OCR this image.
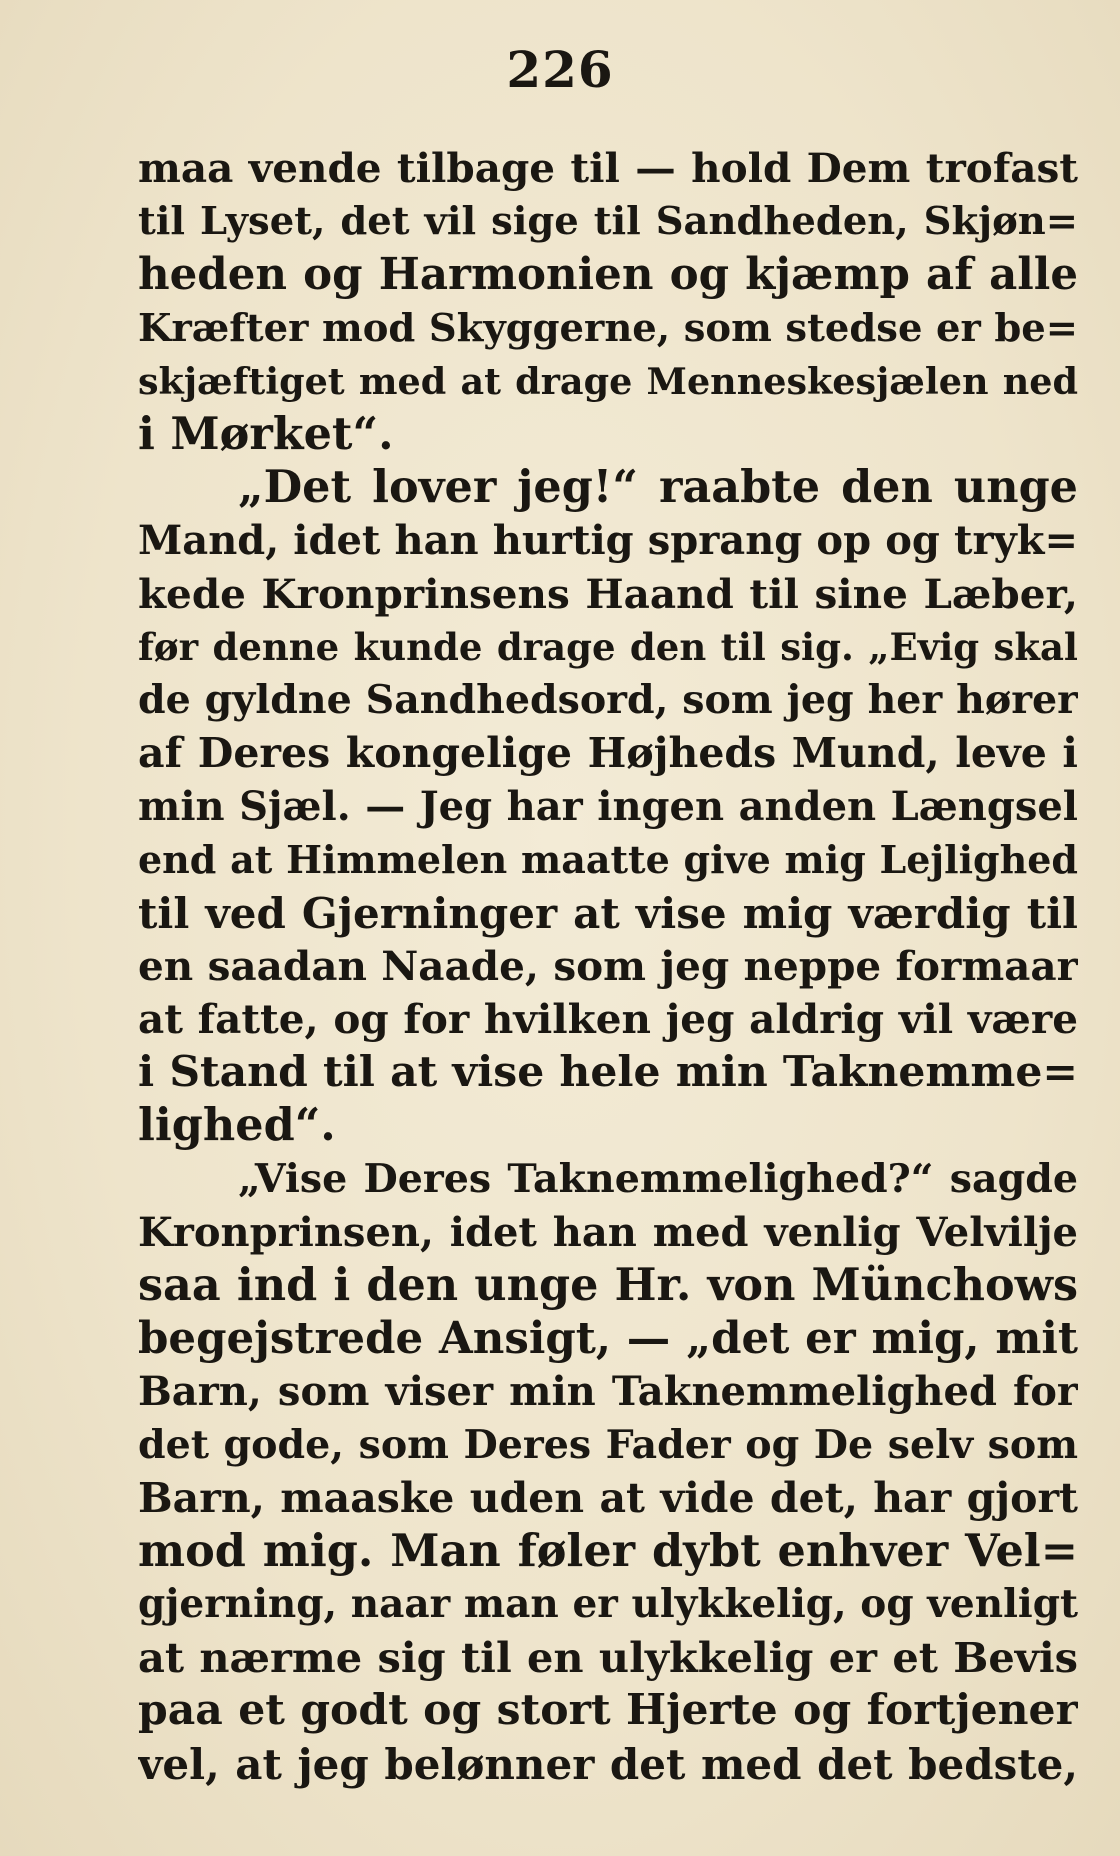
226
maa vende tilbage til — hold Dem trofast
til Lyset, det vil sige til Sandheden, Skjøn=
heden og Harmonien og kjæmp af alle
Kræfter mod Skyggerne, som stedse er be=
skjæftiget med at drage Menneskesjælen ned
i Mørket“.
„Det lover jeg!“ raabte den unge
Mand, idet han hurtig sprang op og tryk=
kede Kronprinsens Haand til sine Læber,
før denne kunde drage den til sig. „Evig skal
de gyldne Sandhedsord, som jeg her hører
af Deres kongelige Højheds Mund, leve i
min Sjæl. — Jeg har ingen anden Længsel
end at Himmelen maatte give mig Lejlighed
til ved Gjerninger at vise mig værdig til
en saadan Naade, som jeg neppe formaar
at fatte, og for hvilken jeg aldrig vil være
i Stand til at vise hele min Taknemme=
lighed“.
„Vise Deres Taknemmelighed?“ sagde
Kronprinsen, idet han med venlig Velvilje
saa ind i den unge Hr. von Münchows
begejstrede Ansigt, — „det er mig, mit
Barn, som viser min Taknemmelighed for
det gode, som Deres Fader og De selv som
Barn, maaske uden at vide det, har gjort
mod mig. Man føler dybt enhver Vel=
gjerning, naar man er ulykkelig, og venligt
at nærme sig til en ulykkelig er et Bevis
paa et godt og stort Hjerte og fortjener
vel, at jeg belønner det med det bedste,
